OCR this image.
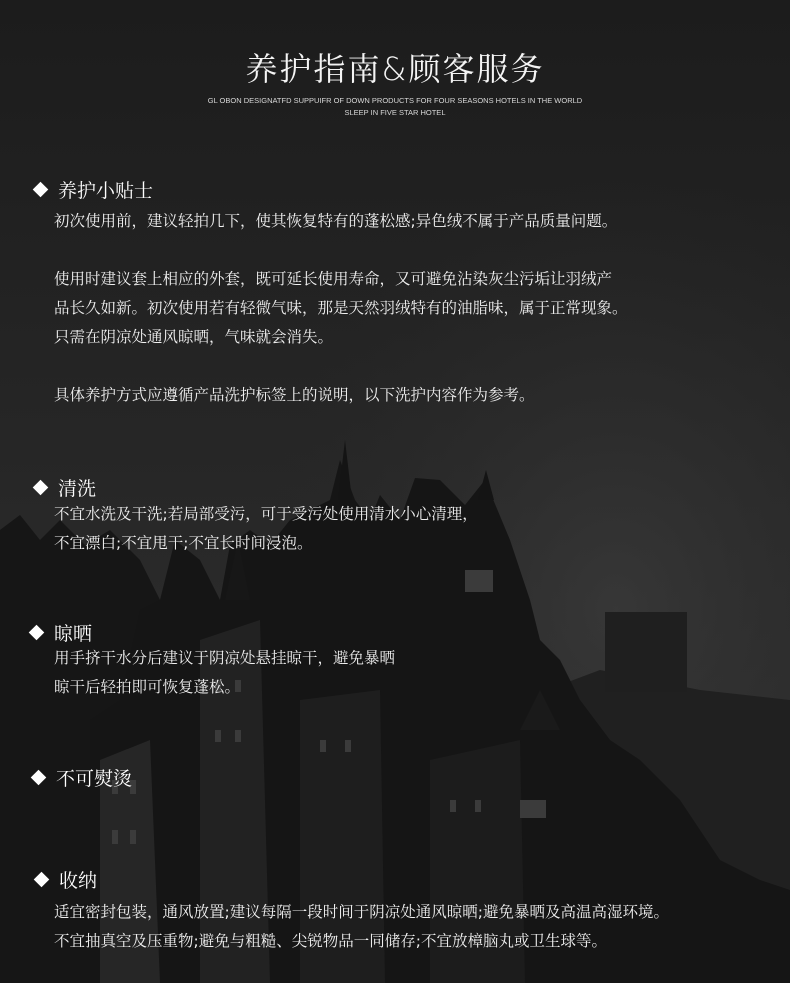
养护指南&顾客服务
GL OBON DESIGNATFD SUPPUIFR OF DOWN PRODUCTS FOR FOUR SEASONS HOTELS IN THE WORLD
SLEEP IN FIVE STAR HOTEL
养护小贴士
初次使用前，建议轻拍几下，使其恢复特有的蓬松感;异色绒不属于产品质量问题。
使用时建议套上相应的外套，既可延长使用寿命，又可避免沾染灰尘污垢让羽绒产
品长久如新。初次使用若有轻微气味，那是天然羽绒特有的油脂味，属于正常现象。
只需在阴凉处通风晾晒，气味就会消失。
具体养护方式应遵循产品洗护标签上的说明，以下洗护内容作为参考。
清洗
不宜水洗及干洗;若局部受污，可于受污处使用清水小心清理，
不宜漂白;不宜甩干;不宜长时间浸泡。
晾晒
用手挤干水分后建议于阴凉处悬挂晾干，避免暴晒
晾干后轻拍即可恢复蓬松。
不可熨烫
收纳
适宜密封包装，通风放置;建议每隔一段时间于阴凉处通风晾晒;避免暴晒及高温高湿环境。
不宜抽真空及压重物;避免与粗糙、尖锐物品一同储存;不宜放樟脑丸或卫生球等。
